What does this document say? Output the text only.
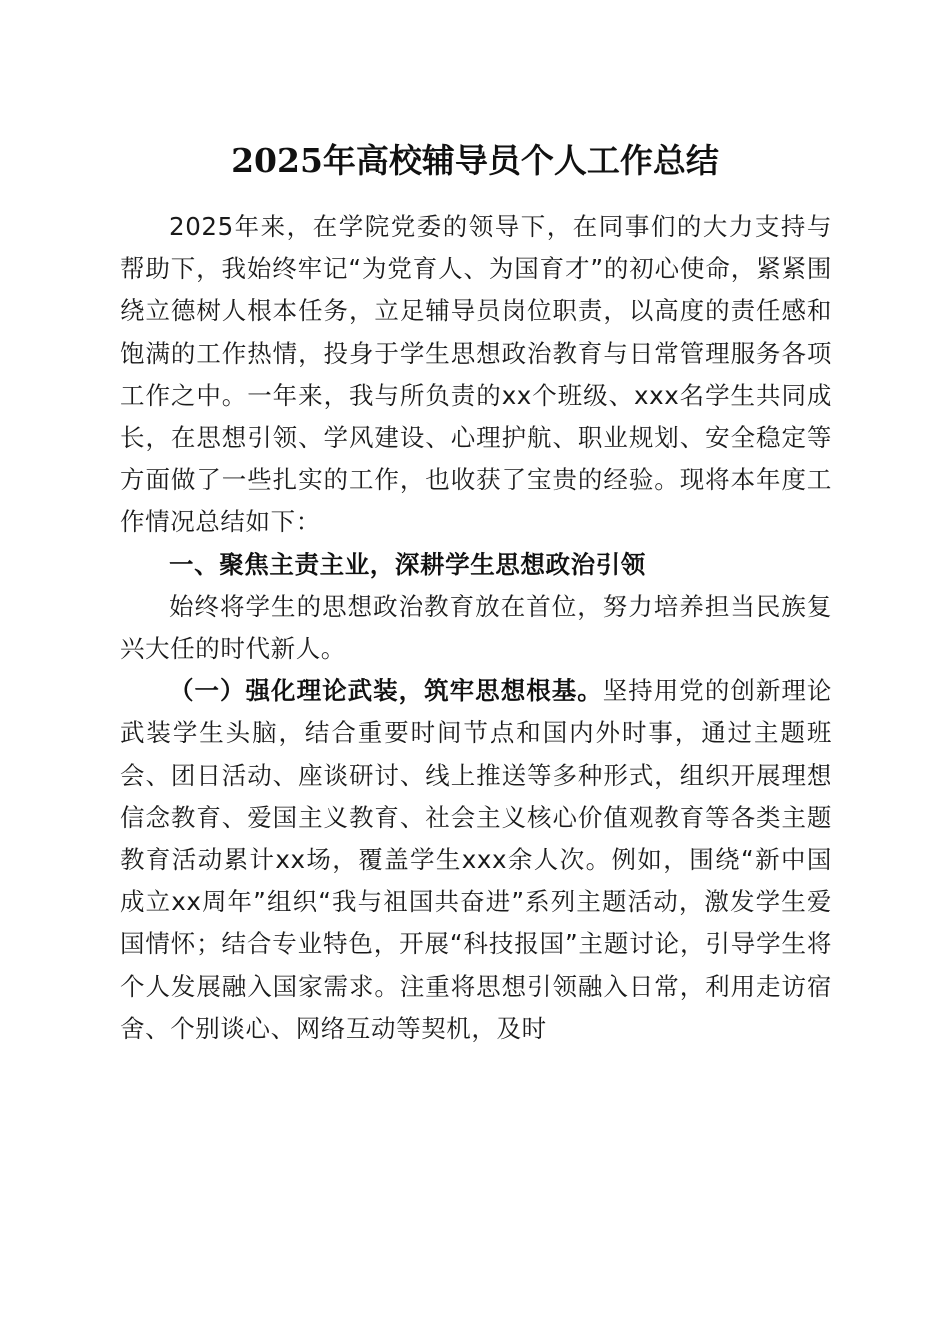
2025年高校辅导员个人工作总结

2025年来，在学院党委的领导下，在同事们的大力支持与帮助下，我始终牢记“为党育人、为国育才”的初心使命，紧紧围绕立德树人根本任务，立足辅导员岗位职责，以高度的责任感和饱满的工作热情，投身于学生思想政治教育与日常管理服务各项工作之中。一年来，我与所负责的xx个班级、xxx名学生共同成长，在思想引领、学风建设、心理护航、职业规划、安全稳定等方面做了一些扎实的工作，也收获了宝贵的经验。现将本年度工作情况总结如下：

一、聚焦主责主业，深耕学生思想政治引领

始终将学生的思想政治教育放在首位，努力培养担当民族复兴大任的时代新人。

（一）强化理论武装，筑牢思想根基。坚持用党的创新理论武装学生头脑，结合重要时间节点和国内外时事，通过主题班会、团日活动、座谈研讨、线上推送等多种形式，组织开展理想信念教育、爱国主义教育、社会主义核心价值观教育等各类主题教育活动累计xx场，覆盖学生xxx余人次。例如，围绕“新中国成立xx周年”组织“我与祖国共奋进”系列主题活动，激发学生爱国情怀；结合专业特色，开展“科技报国”主题讨论，引导学生将个人发展融入国家需求。注重将思想引领融入日常，利用走访宿舍、个别谈心、网络互动等契机，及时
